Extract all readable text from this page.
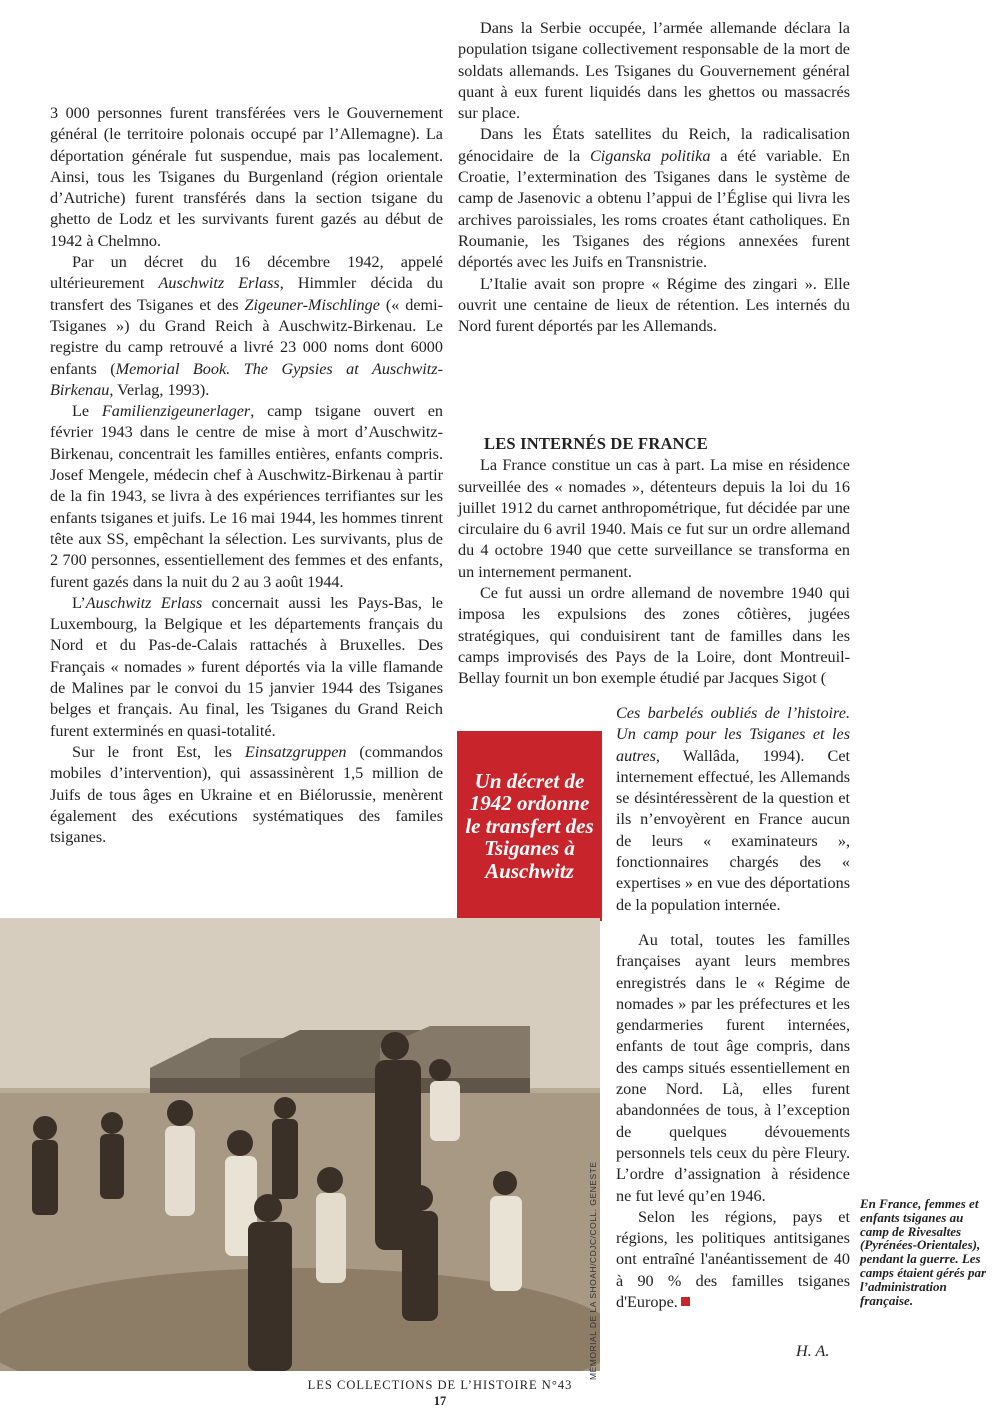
3 000 personnes furent transférées vers le Gouvernement général (le territoire polonais occupé par l’Allemagne). La déportation générale fut suspendue, mais pas localement. Ainsi, tous les Tsiganes du Burgenland (région orientale d’Autriche) furent transférés dans la section tsigane du ghetto de Lodz et les survivants furent gazés au début de 1942 à Chelmno.

Par un décret du 16 décembre 1942, appelé ultérieurement Auschwitz Erlass, Himmler décida du transfert des Tsiganes et des Zigeuner-Mischlinge (« demi-Tsiganes ») du Grand Reich à Auschwitz-Birkenau. Le registre du camp retrouvé a livré 23 000 noms dont 6000 enfants (Memorial Book. The Gypsies at Auschwitz-Birkenau, Verlag, 1993).

Le Familienzigeunerlager, camp tsigane ouvert en février 1943 dans le centre de mise à mort d’Auschwitz-Birkenau, concentrait les familles entières, enfants compris. Josef Mengele, médecin chef à Auschwitz-Birkenau à partir de la fin 1943, se livra à des expériences terrifiantes sur les enfants tsiganes et juifs. Le 16 mai 1944, les hommes tinrent tête aux SS, empêchant la sélection. Les survivants, plus de 2 700 personnes, essentiellement des femmes et des enfants, furent gazés dans la nuit du 2 au 3 août 1944.

L’Auschwitz Erlass concernait aussi les Pays-Bas, le Luxembourg, la Belgique et les départements français du Nord et du Pas-de-Calais rattachés à Bruxelles. Des Français « nomades » furent déportés via la ville flamande de Malines par le convoi du 15 janvier 1944 des Tsiganes belges et français. Au final, les Tsiganes du Grand Reich furent exterminés en quasi-totalité.

Sur le front Est, les Einsatzgruppen (commandos mobiles d’intervention), qui assassinèrent 1,5 million de Juifs de tous âges en Ukraine et en Biélorussie, menèrent également des exécutions systématiques des familes tsiganes.

Dans la Serbie occupée, l’armée allemande déclara la population tsigane collectivement responsable de la mort de soldats allemands. Les Tsiganes du Gouvernement général quant à eux furent liquidés dans les ghettos ou massacrés sur place.

Dans les États satellites du Reich, la radicalisation génocidaire de la Ciganska politika a été variable. En Croatie, l’extermination des Tsiganes dans le système de camp de Jasenovic a obtenu l’appui de l’Église qui livra les archives paroissiales, les roms croates étant catholiques. En Roumanie, les Tsiganes des régions annexées furent déportés avec les Juifs en Transnistrie.

L’Italie avait son propre « Régime des zingari ». Elle ouvrit une centaine de lieux de rétention. Les internés du Nord furent déportés par les Allemands.

LES INTERNÉS DE FRANCE

La France constitue un cas à part. La mise en résidence surveillée des « nomades », détenteurs depuis la loi du 16 juillet 1912 du carnet anthropométrique, fut décidée par une circulaire du 6 avril 1940. Mais ce fut sur un ordre allemand du 4 octobre 1940 que cette surveillance se transforma en un internement permanent.

Ce fut aussi un ordre allemand de novembre 1940 qui imposa les expulsions des zones côtières, jugées stratégiques, qui conduisirent tant de familles dans les camps improvisés des Pays de la Loire, dont Montreuil-Bellay fournit un bon exemple étudié par Jacques Sigot (

Ces barbelés oubliés de l’histoire. Un camp pour les Tsiganes et les autres, Wallâda, 1994). Cet internement effectué, les Allemands se désintéressèrent de la question et ils n’envoyèrent en France aucun de leurs « examinateurs », fonctionnaires chargés des « expertises » en vue des déportations de la population internée.

Au total, toutes les familles françaises ayant leurs membres enregistrés dans le « Régime de nomades » par les préfectures et les gendarmeries furent internées, enfants de tout âge compris, dans des camps situés essentiellement en zone Nord. Là, elles furent abandonnées de tous, à l’exception de quelques dévouements personnels tels ceux du père Fleury. L’ordre d’assignation à résidence ne fut levé qu’en 1946.

Selon les régions, pays et régions, les politiques antitsiganes ont entraîné l'anéantissement de 40 à 90 % des familles tsiganes d'Europe.

Un décret de 1942 ordonne le transfert des Tsiganes à Auschwitz
MÉMORIAL DE LA SHOAH/CDJC/COLL. GENESTE	En France, femmes et enfants tsiganes au camp de Rivesaltes (Pyrénées-Orientales), pendant la guerre. Les camps étaient gérés par l’administration française.
H. A.
LES COLLECTIONS DE L’HISTOIRE N°43
17
